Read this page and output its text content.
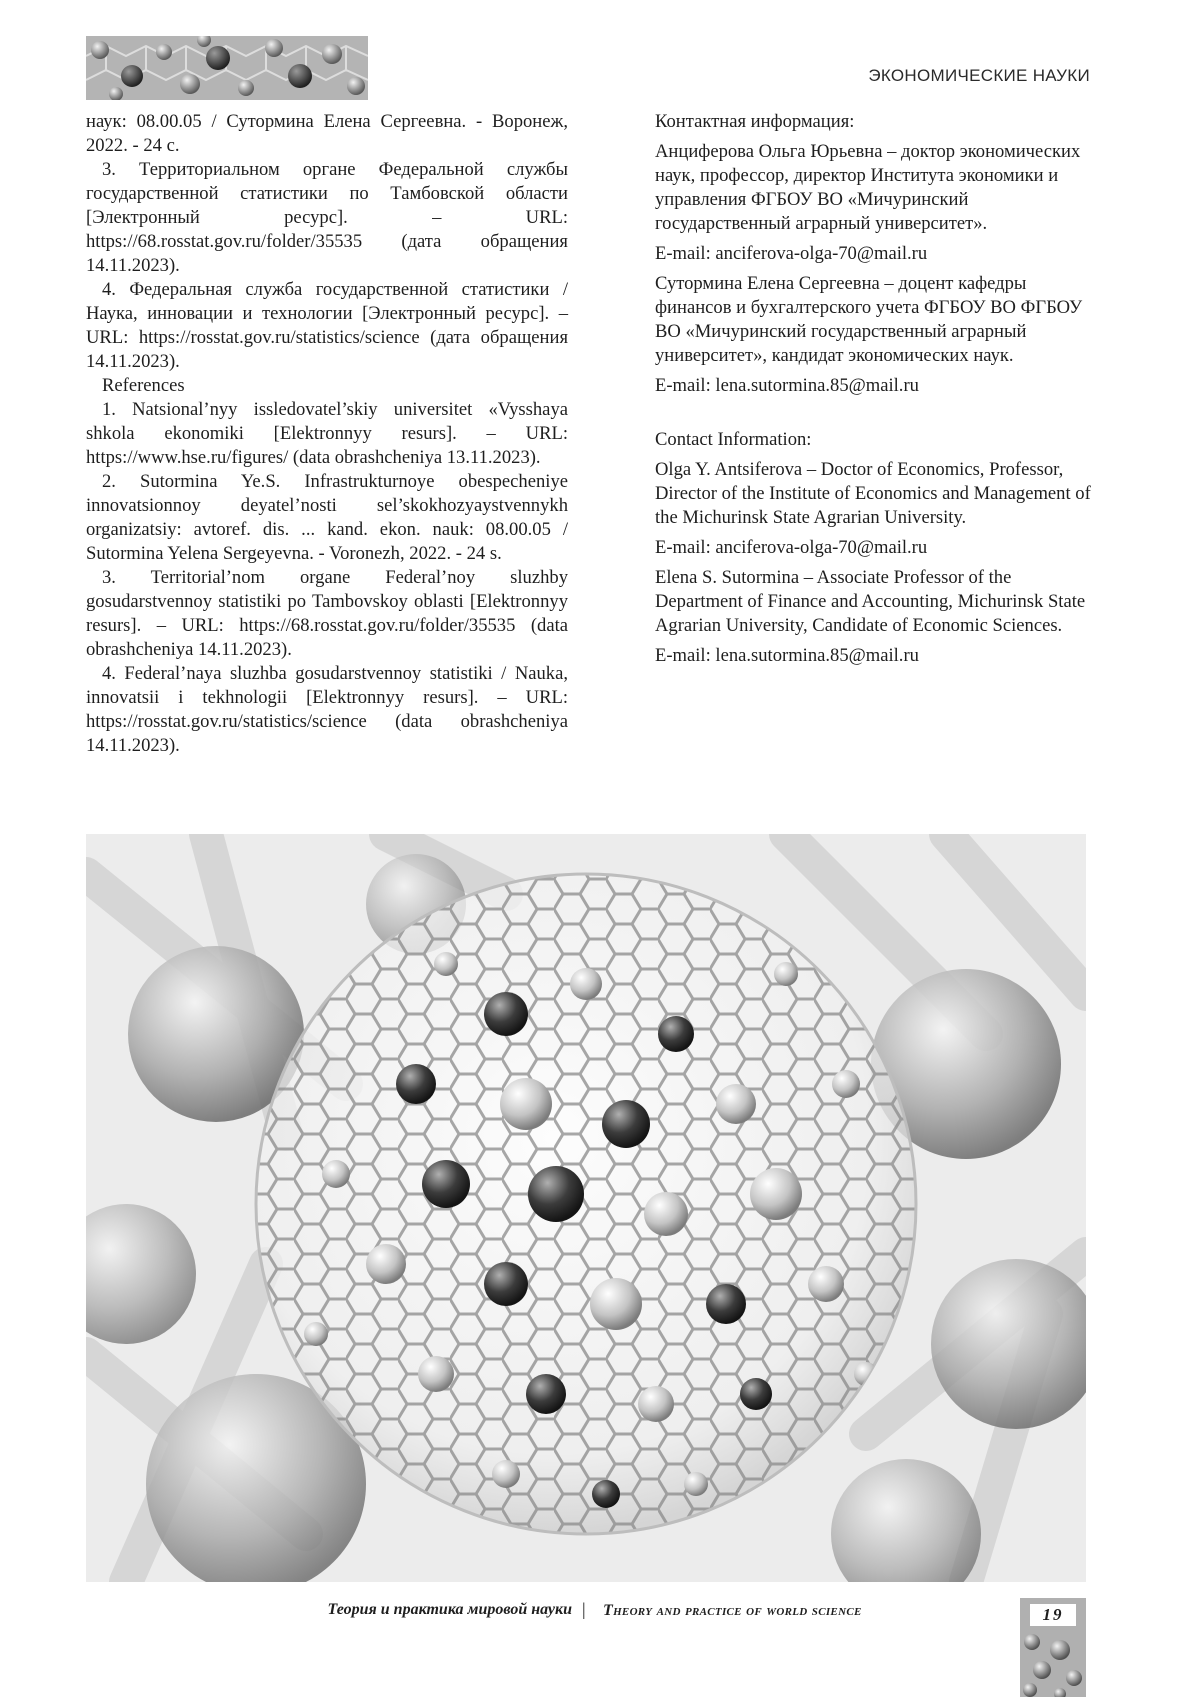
ЭКОНОМИЧЕСКИЕ НАУКИ

наук: 08.00.05 / Сутормина Елена Сергеевна. - Воронеж, 2022. - 24 с.

3. Территориальном органе Федеральной службы государственной статистики по Тамбовской области [Электронный ресурс]. – URL: https://68.rosstat.gov.ru/folder/35535 (дата обращения 14.11.2023).

4. Федеральная служба государственной статистики / Наука, инновации и технологии [Электронный ресурс]. – URL: https://rosstat.gov.ru/statistics/science (дата обращения 14.11.2023).

References

1. Natsional’nyy issledovatel’skiy universitet «Vysshaya shkola ekonomiki [Elektronnyy resurs]. – URL: https://www.hse.ru/figures/ (data obrashcheniya 13.11.2023).

2. Sutormina Ye.S. Infrastrukturnoye obespecheniye innovatsionnoy deyatel’nosti sel’skokhozyaystvennykh organizatsiy: avtoref. dis. ... kand. ekon. nauk: 08.00.05 / Sutormina Yelena Sergeyevna. - Voronezh, 2022. - 24 s.

3. Territorial’nom organe Federal’noy sluzhby gosudarstvennoy statistiki po Tambovskoy oblasti [Elektronnyy resurs]. – URL: https://68.rosstat.gov.ru/folder/35535 (data obrashcheniya 14.11.2023).

4. Federal’naya sluzhba gosudarstvennoy statistiki / Nauka, innovatsii i tekhnologii [Elektronnyy resurs]. – URL: https://rosstat.gov.ru/statistics/science (data obrashcheniya 14.11.2023).

Контактная информация:

Анциферова Ольга Юрьевна – доктор экономических наук, профессор, директор Института экономики и управления ФГБОУ ВО «Мичуринский государственный аграрный университет».

E-mail: anciferova-olga-70@mail.ru

Сутормина Елена Сергеевна – доцент кафедры финансов и бухгалтерского учета ФГБОУ ВО ФГБОУ ВО «Мичуринский государственный аграрный университет», кандидат экономических наук.

E-mail: lena.sutormina.85@mail.ru

Contact Information:

Olga Y. Antsiferova – Doctor of Economics, Professor, Director of the Institute of Economics and Management of the Michurinsk State Agrarian University.

E-mail: anciferova-olga-70@mail.ru

Elena S. Sutormina – Associate Professor of the Department of Finance and Accounting, Michurinsk State Agrarian University, Candidate of Economic Sciences.

E-mail: lena.sutormina.85@mail.ru

Теория и практика мировой науки | Theory and practice of world science	19
